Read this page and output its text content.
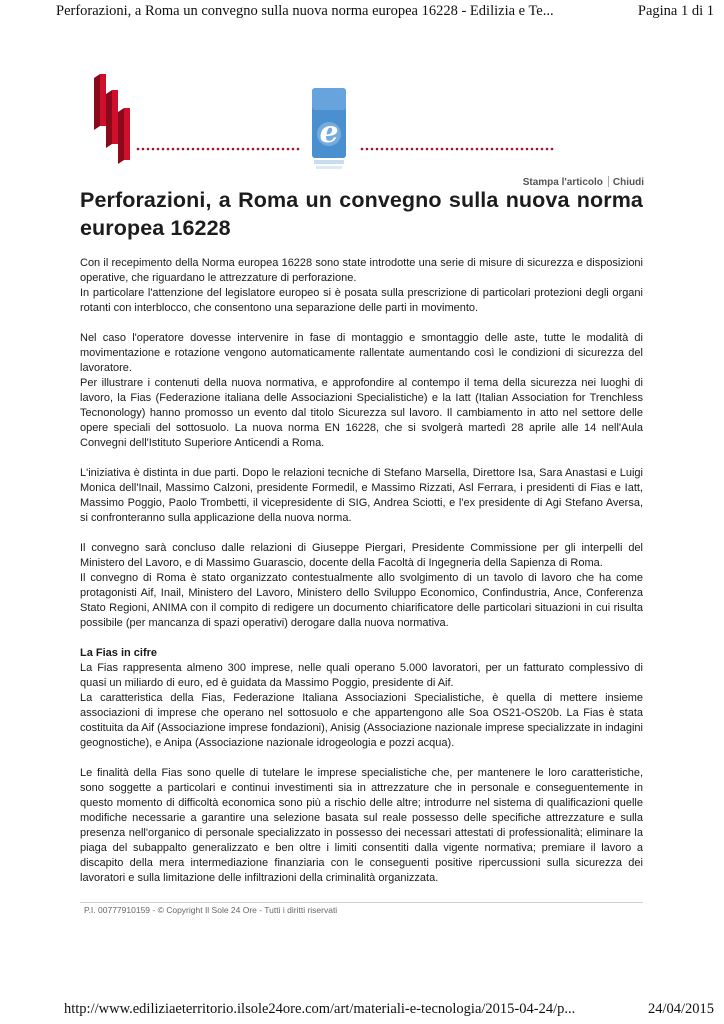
Perforazioni, a Roma un convegno sulla nuova norma europea 16228 - Edilizia e Te...	Pagina 1 di 1
e
Stampa l'articolo Chiudi
Perforazioni, a Roma un convegno sulla nuova norma europea 16228

Con il recepimento della Norma europea 16228 sono state introdotte una serie di misure di sicurezza e disposizioni operative, che riguardano le attrezzature di perforazione.

In particolare l'attenzione del legislatore europeo si è posata sulla prescrizione di particolari protezioni degli organi rotanti con interblocco, che consentono una separazione delle parti in movimento.

Nel caso l'operatore dovesse intervenire in fase di montaggio e smontaggio delle aste, tutte le modalità di movimentazione e rotazione vengono automaticamente rallentate aumentando così le condizioni di sicurezza del lavoratore.

Per illustrare i contenuti della nuova normativa, e approfondire al contempo il tema della sicurezza nei luoghi di lavoro, la Fias (Federazione italiana delle Associazioni Specialistiche) e la Iatt (Italian Association for Trenchless Tecnonology) hanno promosso un evento dal titolo Sicurezza sul lavoro. Il cambiamento in atto nel settore delle opere speciali del sottosuolo. La nuova norma EN 16228, che si svolgerà martedì 28 aprile alle 14 nell'Aula Convegni dell'Istituto Superiore Anticendi a Roma.

L'iniziativa è distinta in due parti. Dopo le relazioni tecniche di Stefano Marsella, Direttore Isa, Sara Anastasi e Luigi Monica dell'Inail, Massimo Calzoni, presidente Formedil, e Massimo Rizzati, Asl Ferrara, i presidenti di Fias e Iatt, Massimo Poggio, Paolo Trombetti, il vicepresidente di SIG, Andrea Sciotti, e l'ex presidente di Agi Stefano Aversa, si confronteranno sulla applicazione della nuova norma.

Il convegno sarà concluso dalle relazioni di Giuseppe Piergari, Presidente Commissione per gli interpelli del Ministero del Lavoro, e di Massimo Guarascio, docente della Facoltà di Ingegneria della Sapienza di Roma.

Il convegno di Roma è stato organizzato contestualmente allo svolgimento di un tavolo di lavoro che ha come protagonisti Aif, Inail, Ministero del Lavoro, Ministero dello Sviluppo Economico, Confindustria, Ance, Conferenza Stato Regioni, ANIMA con il compito di redigere un documento chiarificatore delle particolari situazioni in cui risulta possibile (per mancanza di spazi operativi) derogare dalla nuova normativa.

La Fias in cifre

La Fias rappresenta almeno 300 imprese, nelle quali operano 5.000 lavoratori, per un fatturato complessivo di quasi un miliardo di euro, ed è guidata da Massimo Poggio, presidente di Aif.

La caratteristica della Fias, Federazione Italiana Associazioni Specialistiche, è quella di mettere insieme associazioni di imprese che operano nel sottosuolo e che appartengono alle Soa OS21-OS20b. La Fias è stata costituita da Aif (Associazione imprese fondazioni), Anisig (Associazione nazionale imprese specializzate in indagini geognostiche), e Anipa (Associazione nazionale idrogeologia e pozzi acqua).

Le finalità della Fias sono quelle di tutelare le imprese specialistiche che, per mantenere le loro caratteristiche, sono soggette a particolari e continui investimenti sia in attrezzature che in personale e conseguentemente in questo momento di difficoltà economica sono più a rischio delle altre; introdurre nel sistema di qualificazioni quelle modifiche necessarie a garantire una selezione basata sul reale possesso delle specifiche attrezzature e sulla presenza nell'organico di personale specializzato in possesso dei necessari attestati di professionalità; eliminare la piaga del subappalto generalizzato e ben oltre i limiti consentiti dalla vigente normativa; premiare il lavoro a discapito della mera intermediazione finanziaria con le conseguenti positive ripercussioni sulla sicurezza dei lavoratori e sulla limitazione delle infiltrazioni della criminalità organizzata.

P.I. 00777910159 - © Copyright Il Sole 24 Ore - Tutti i diritti riservati
http://www.ediliziaeterritorio.ilsole24ore.com/art/materiali-e-tecnologia/2015-04-24/p...	24/04/2015
